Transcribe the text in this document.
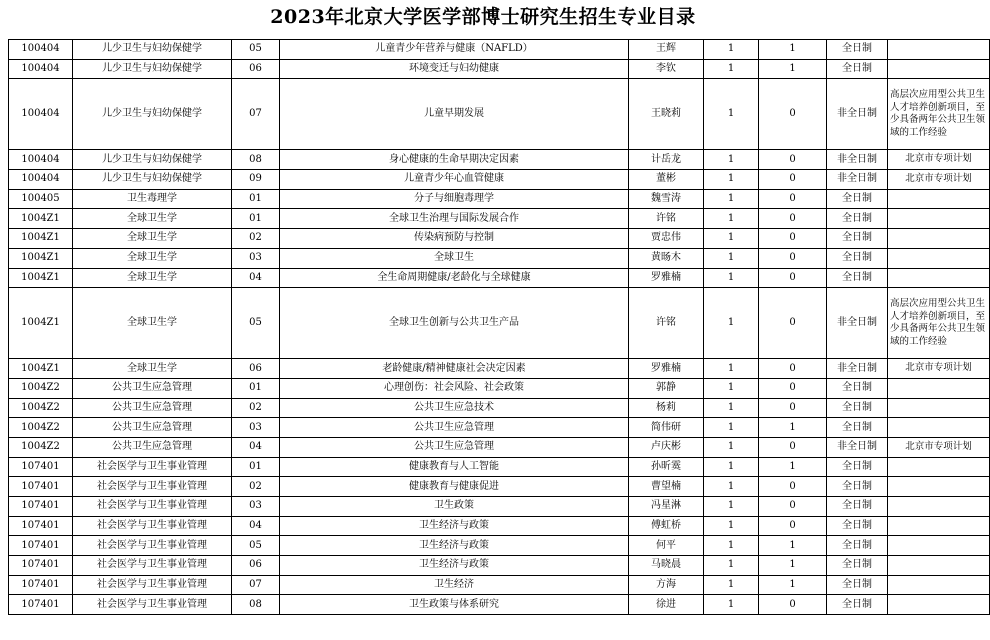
2023年北京大学医学部博士研究生招生专业目录
100404	儿少卫生与妇幼保健学	05	儿童青少年营养与健康（NAFLD）	王辉	1	1	全日制	
100404	儿少卫生与妇幼保健学	06	环境变迁与妇幼健康	李钦	1	1	全日制	
100404	儿少卫生与妇幼保健学	07	儿童早期发展	王晓莉	1	0	非全日制	高层次应用型公共卫生人才培养创新项目，至少具备两年公共卫生领域的工作经验
100404	儿少卫生与妇幼保健学	08	身心健康的生命早期决定因素	计岳龙	1	0	非全日制	北京市专项计划
100404	儿少卫生与妇幼保健学	09	儿童青少年心血管健康	董彬	1	0	非全日制	北京市专项计划
100405	卫生毒理学	01	分子与细胞毒理学	魏雪涛	1	0	全日制	
1004Z1	全球卫生学	01	全球卫生治理与国际发展合作	许铭	1	0	全日制	
1004Z1	全球卫生学	02	传染病预防与控制	贾忠伟	1	0	全日制	
1004Z1	全球卫生学	03	全球卫生	黄旸木	1	0	全日制	
1004Z1	全球卫生学	04	全生命周期健康/老龄化与全球健康	罗雅楠	1	0	全日制	
1004Z1	全球卫生学	05	全球卫生创新与公共卫生产品	许铭	1	0	非全日制	高层次应用型公共卫生人才培养创新项目，至少具备两年公共卫生领域的工作经验
1004Z1	全球卫生学	06	老龄健康/精神健康社会决定因素	罗雅楠	1	0	非全日制	北京市专项计划
1004Z2	公共卫生应急管理	01	心理创伤：社会风险、社会政策	郭静	1	0	全日制	
1004Z2	公共卫生应急管理	02	公共卫生应急技术	杨莉	1	0	全日制	
1004Z2	公共卫生应急管理	03	公共卫生应急管理	简伟研	1	1	全日制	
1004Z2	公共卫生应急管理	04	公共卫生应急管理	卢庆彬	1	0	非全日制	北京市专项计划
107401	社会医学与卫生事业管理	01	健康教育与人工智能	孙昕霙	1	1	全日制	
107401	社会医学与卫生事业管理	02	健康教育与健康促进	曹望楠	1	0	全日制	
107401	社会医学与卫生事业管理	03	卫生政策	冯星淋	1	0	全日制	
107401	社会医学与卫生事业管理	04	卫生经济与政策	傅虹桥	1	0	全日制	
107401	社会医学与卫生事业管理	05	卫生经济与政策	何平	1	1	全日制	
107401	社会医学与卫生事业管理	06	卫生经济与政策	马晓晨	1	1	全日制	
107401	社会医学与卫生事业管理	07	卫生经济	方海	1	1	全日制	
107401	社会医学与卫生事业管理	08	卫生政策与体系研究	徐进	1	0	全日制	
